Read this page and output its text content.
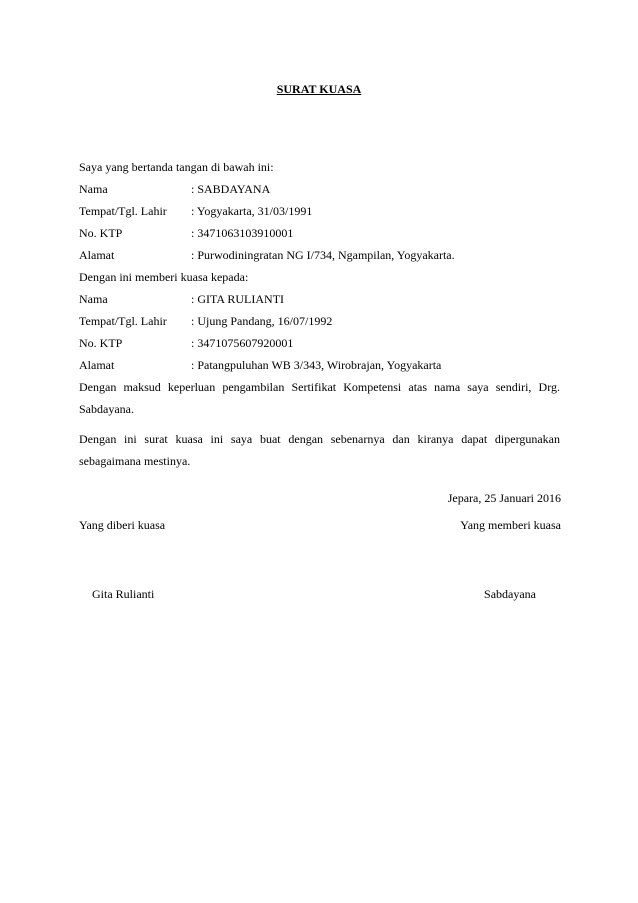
SURAT KUASA
Saya yang bertanda tangan di bawah ini:
Nama	: SABDAYANA
Tempat/Tgl. Lahir : Yogyakarta, 31/03/1991
No. KTP	: 3471063103910001
Alamat	: Purwodiningratan NG I/734, Ngampilan, Yogyakarta.
Dengan ini memberi kuasa kepada:
Nama	: GITA RULIANTI
Tempat/Tgl. Lahir : Ujung Pandang, 16/07/1992
No. KTP	: 3471075607920001
Alamat	: Patangpuluhan WB 3/343, Wirobrajan, Yogyakarta
Dengan maksud keperluan pengambilan Sertifikat Kompetensi atas nama saya sendiri, Drg. Sabdayana.
Dengan ini surat kuasa ini saya buat dengan sebenarnya dan kiranya dapat dipergunakan sebagaimana mestinya.
Jepara, 25 Januari 2016
Yang diberi kuasa	Yang memberi kuasa
Gita Rulianti	Sabdayana
